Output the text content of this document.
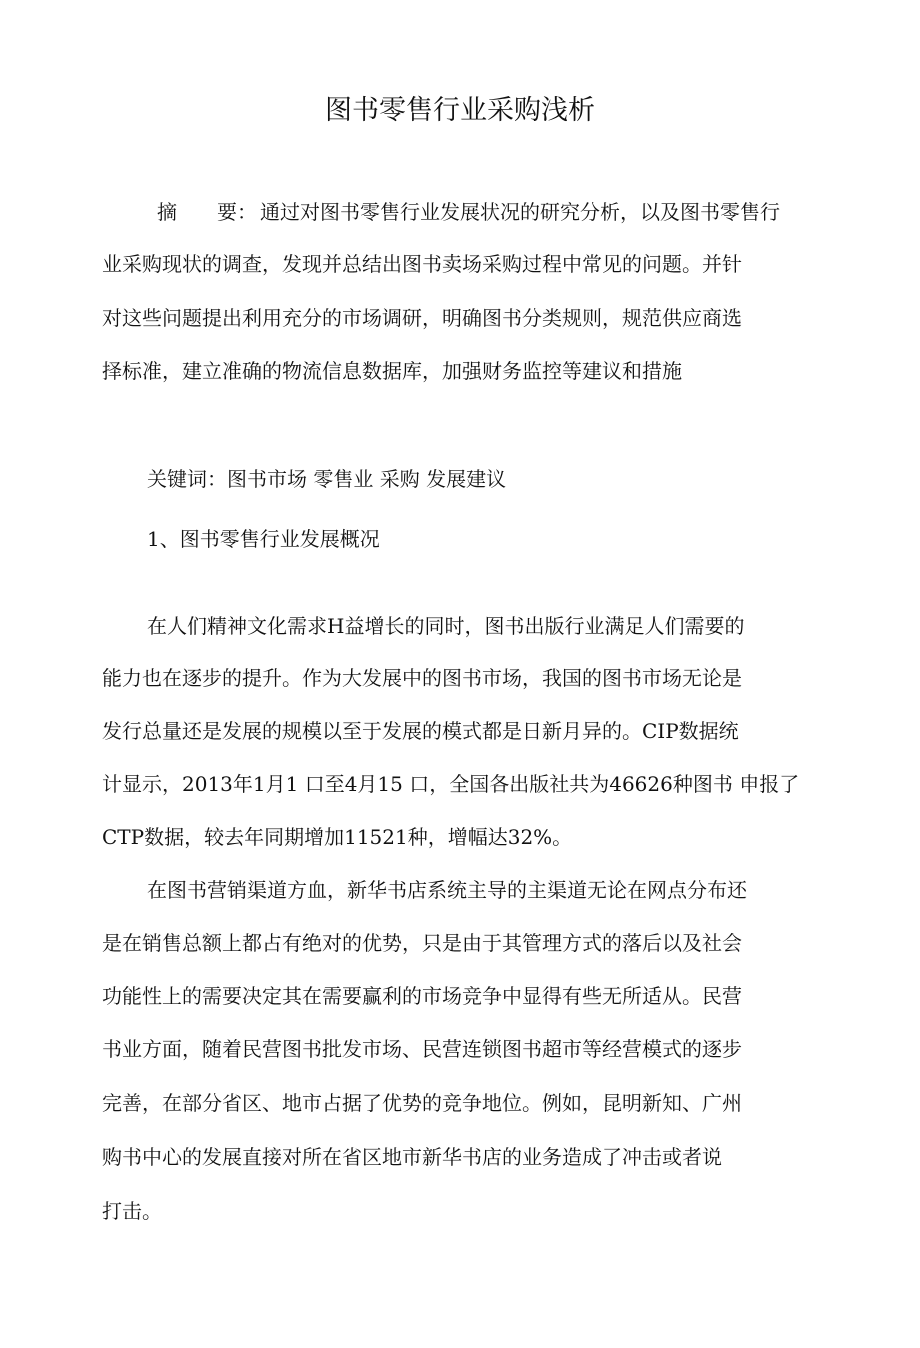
图书零售行业采购浅析
摘　　要： 通过对图书零售行业发展状况的研究分析，以及图书零售行
业采购现状的调查，发现并总结出图书卖场采购过程中常见的问题。并针
对这些问题提出利用充分的市场调研，明确图书分类规则，规范供应商选
择标准，建立准确的物流信息数据库，加强财务监控等建议和措施
关键词：图书市场 零售业 采购 发展建议
1、图书零售行业发展概况
在人们精神文化需求H益增长的同时，图书出版行业满足人们需要的
能力也在逐步的提升。作为大发展中的图书市场，我国的图书市场无论是
发行总量还是发展的规模以至于发展的模式都是日新月异的。CIP数据统
计显示，2013年1月1 口至4月15 口，全国各出版社共为46626种图书 申报了
CTP数据，较去年同期增加11521种，增幅达32%。
在图书营销渠道方血，新华书店系统主导的主渠道无论在网点分布还
是在销售总额上都占有绝对的优势，只是由于其管理方式的落后以及社会
功能性上的需要决定其在需要赢利的市场竞争中显得有些无所适从。民营
书业方面，随着民营图书批发市场、民营连锁图书超市等经营模式的逐步
完善，在部分省区、地市占据了优势的竞争地位。例如，昆明新知、广州
购书中心的发展直接对所在省区地市新华书店的业务造成了冲击或者说
打击。
